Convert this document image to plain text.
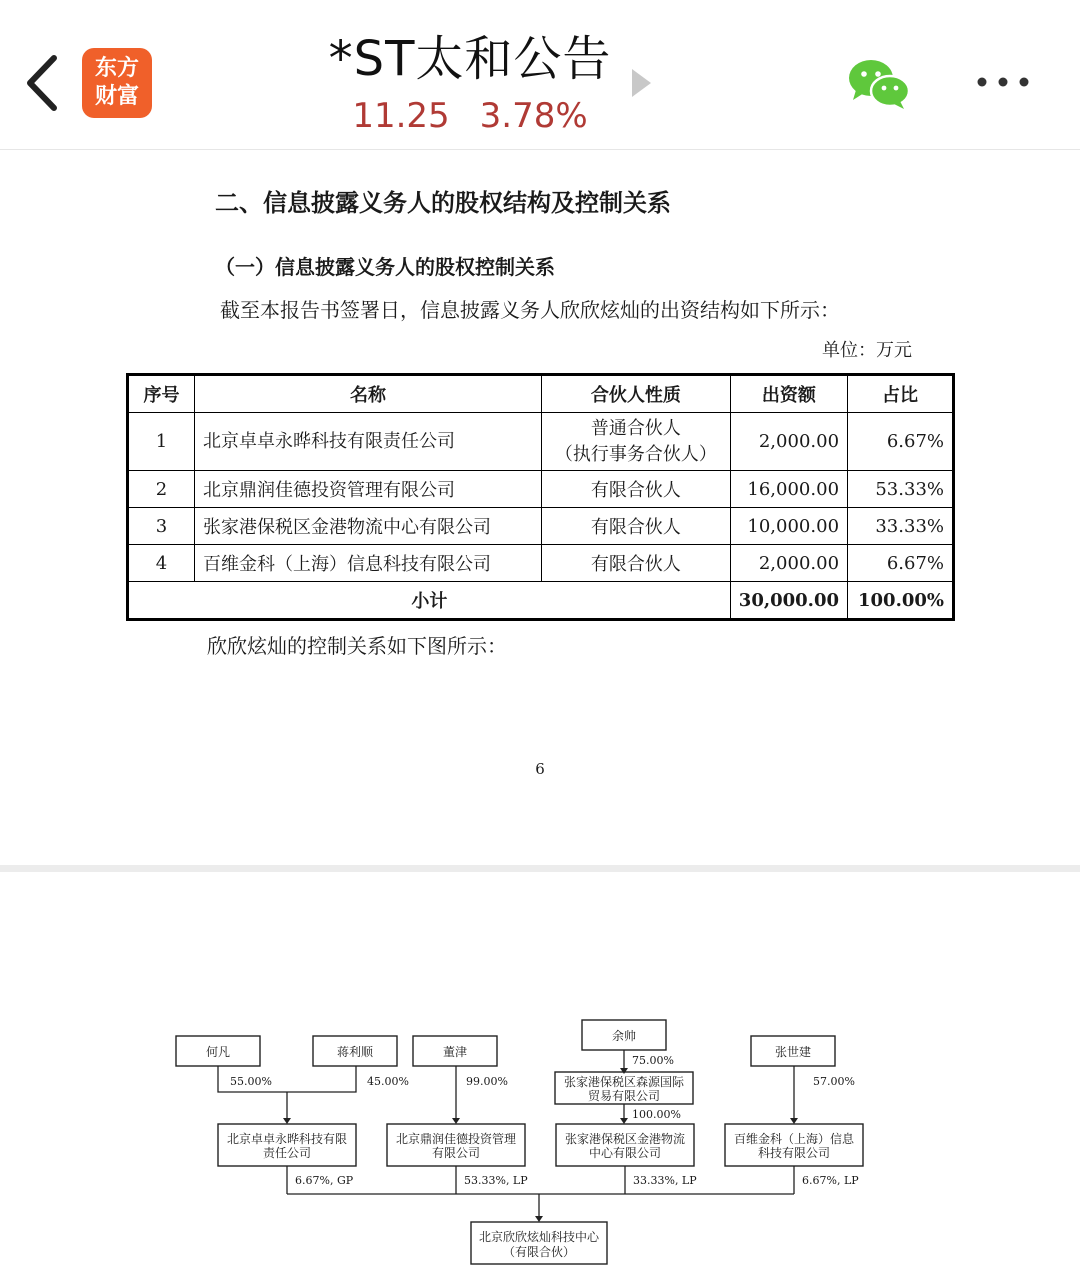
东方
财富
*ST太和公告
11.25 3.78%
二、信息披露义务人的股权结构及控制关系
（一）信息披露义务人的股权控制关系
截至本报告书签署日，信息披露义务人欣欣炫灿的出资结构如下所示：
单位：万元
序号	名称	合伙人性质	出资额	占比
1	北京卓卓永晔科技有限责任公司	普通合伙人
（执行事务合伙人）	2,000.00	6.67%
2	北京鼎润佳德投资管理有限公司	有限合伙人	16,000.00	53.33%
3	张家港保税区金港物流中心有限公司	有限合伙人	10,000.00	33.33%
4	百维金科（上海）信息科技有限公司	有限合伙人	2,000.00	6.67%
小计			30,000.00	100.00%
欣欣炫灿的控制关系如下图所示：
6
何凡	蒋利顺	董津
余帅
张世建
张家港保税区森源国际
贸易有限公司
北京卓卓永晔科技有限
责任公司
北京鼎润佳德投资管理
有限公司
张家港保税区金港物流
中心有限公司
百维金科（上海）信息
科技有限公司
北京欣欣炫灿科技中心
（有限合伙）
55.00%	45.00%	99.00%
75.00%
100.00%
57.00%
6.67%, GP	53.33%, LP	33.33%, LP	6.67%, LP
